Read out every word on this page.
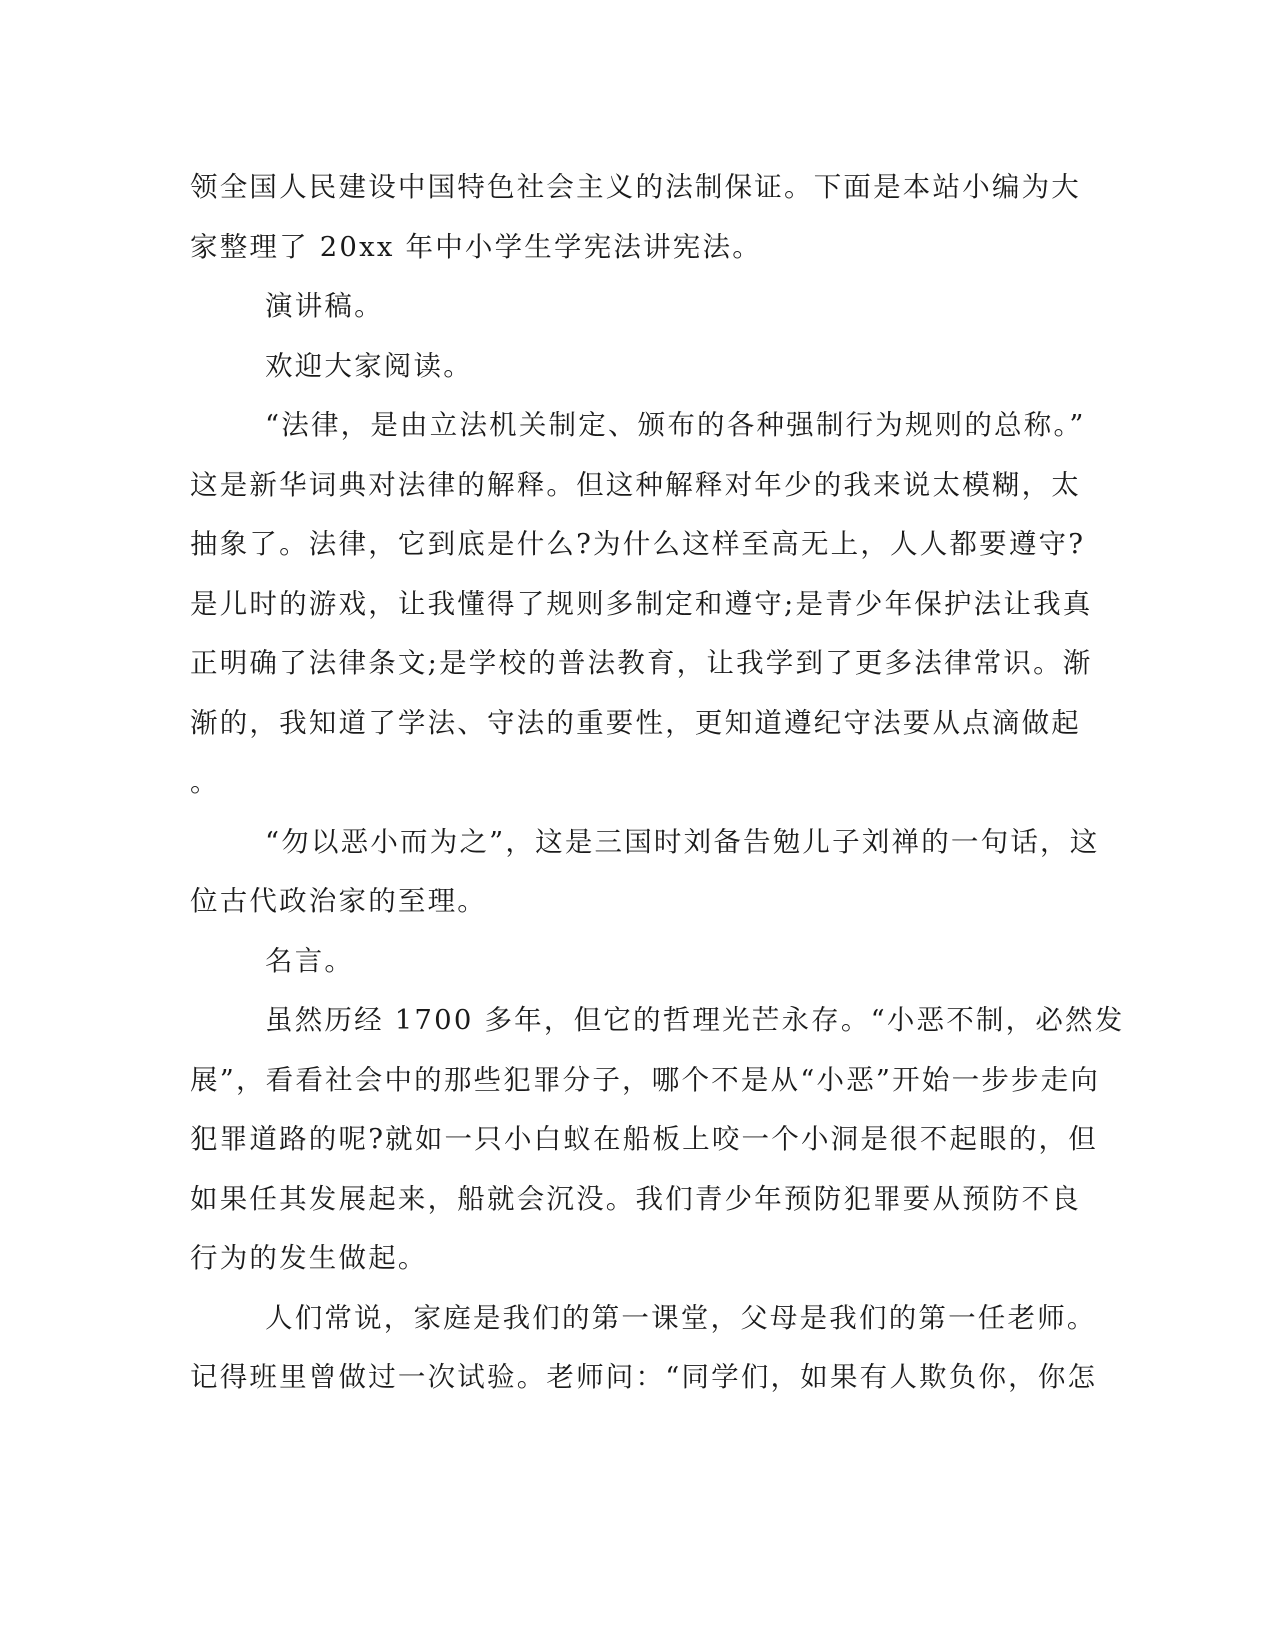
领全国人民建设中国特色社会主义的法制保证。下面是本站小编为大
家整理了 20xx 年中小学生学宪法讲宪法。
演讲稿。
欢迎大家阅读。
“法律，是由立法机关制定、颁布的各种强制行为规则的总称。”
这是新华词典对法律的解释。但这种解释对年少的我来说太模糊，太
抽象了。法律，它到底是什么?为什么这样至高无上，人人都要遵守?
是儿时的游戏，让我懂得了规则多制定和遵守;是青少年保护法让我真
正明确了法律条文;是学校的普法教育，让我学到了更多法律常识。渐
渐的，我知道了学法、守法的重要性，更知道遵纪守法要从点滴做起
。
“勿以恶小而为之”，这是三国时刘备告勉儿子刘禅的一句话，这
位古代政治家的至理。
名言。
虽然历经 1700 多年，但它的哲理光芒永存。“小恶不制，必然发
展”，看看社会中的那些犯罪分子，哪个不是从“小恶”开始一步步走向
犯罪道路的呢?就如一只小白蚁在船板上咬一个小洞是很不起眼的，但
如果任其发展起来，船就会沉没。我们青少年预防犯罪要从预防不良
行为的发生做起。
人们常说，家庭是我们的第一课堂，父母是我们的第一任老师。
记得班里曾做过一次试验。老师问：“同学们，如果有人欺负你，你怎
